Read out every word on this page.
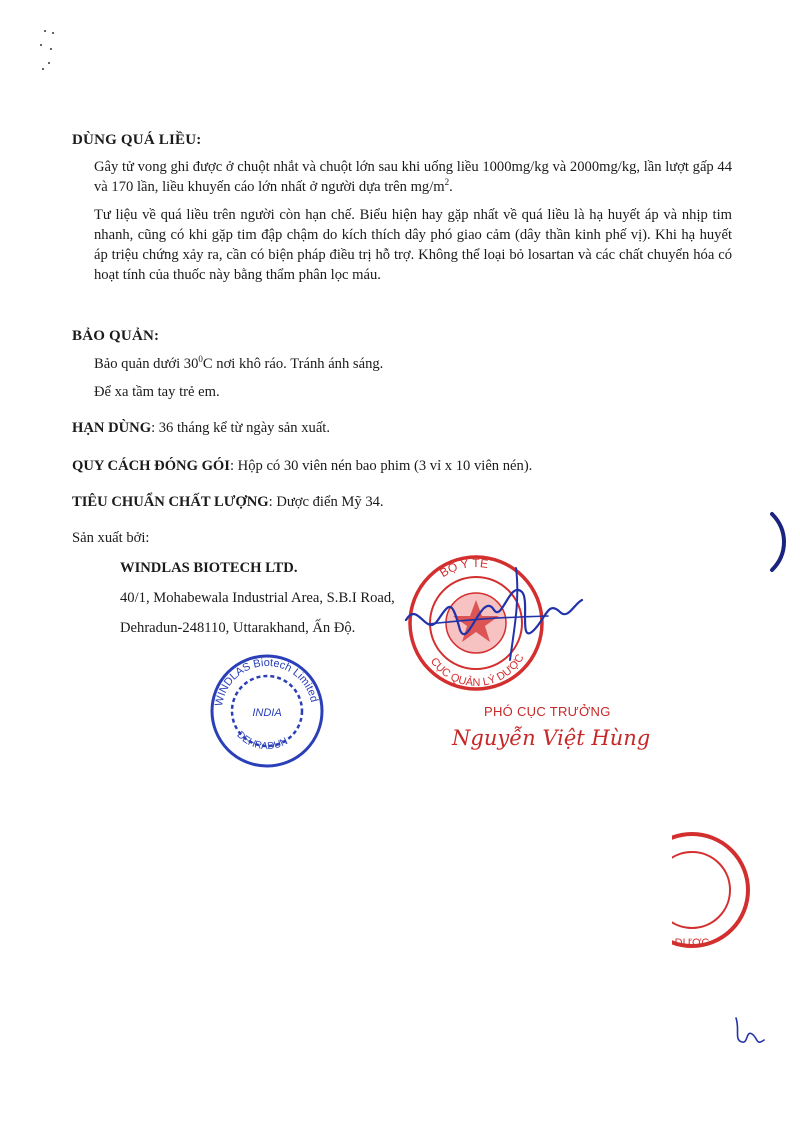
DÙNG QUÁ LIỀU:
Gây tử vong ghi được ở chuột nhắt và chuột lớn sau khi uống liều 1000mg/kg và 2000mg/kg, lần lượt gấp 44 và 170 lần, liều khuyến cáo lớn nhất ở người dựa trên $mg/m^2$.
Tư liệu về quá liều trên người còn hạn chế. Biểu hiện hay gặp nhất về quá liều là hạ huyết áp và nhịp tim nhanh, cũng có khi gặp tim đập chậm do kích thích dây phó giao cảm (dây thần kinh phế vị). Khi hạ huyết áp triệu chứng xảy ra, cần có biện pháp điều trị hỗ trợ. Không thể loại bỏ losartan và các chất chuyển hóa có hoạt tính của thuốc này bằng thẩm phân lọc máu.
BẢO QUẢN:
Bảo quản dưới $30^0C$ nơi khô ráo. Tránh ánh sáng.
Để xa tầm tay trẻ em.
HẠN DÙNG: 36 tháng kể từ ngày sản xuất.
QUY CÁCH ĐÓNG GÓI: Hộp có 30 viên nén bao phim (3 vỉ x 10 viên nén).
TIÊU CHUẨN CHẤT LƯỢNG: Dược điển Mỹ 34.
Sản xuất bởi:
WINDLAS BIOTECH LTD.
40/1, Mohabewala Industrial Area, S.B.I Road,
Dehradun-248110, Uttarakhand, Ấn Độ.
INDIA
WINDLAS Biotech Limited
DEHRADUN
BỘ Y TẾ
CỤC QUẢN LÝ DƯỢC
PHÓ CỤC TRƯỞNG
Nguyễn Việt Hùng
DƯỢC
